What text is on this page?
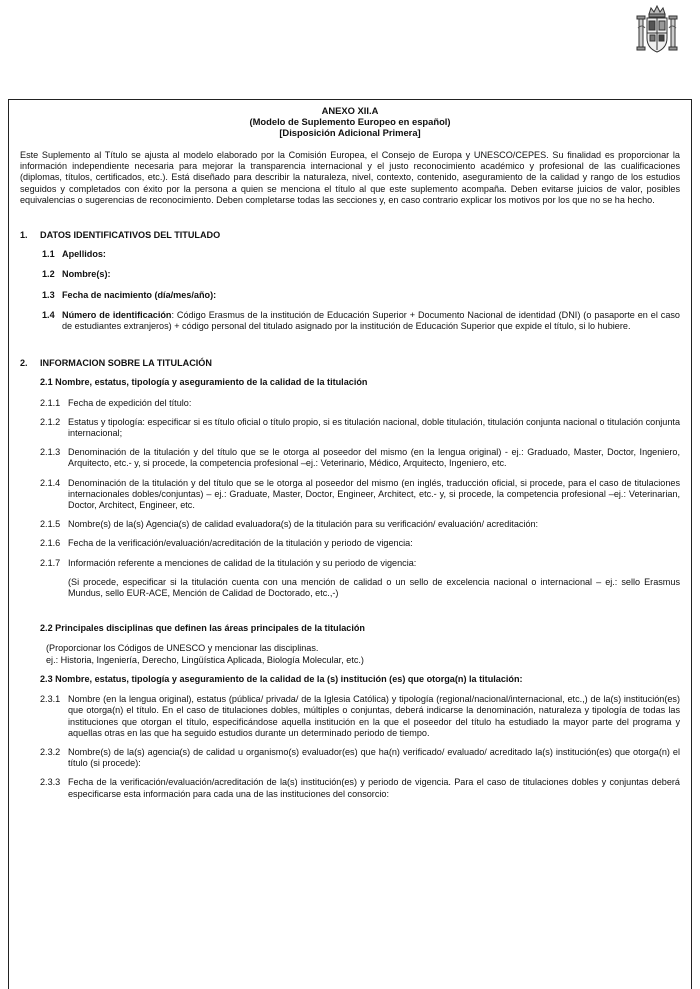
ANEXO XII.A
(Modelo de Suplemento Europeo en español)
[Disposición Adicional Primera]
Este Suplemento al Título se ajusta al modelo elaborado por la Comisión Europea, el Consejo de Europa y UNESCO/CEPES. Su finalidad es proporcionar la información independiente necesaria para mejorar la transparencia internacional y el justo reconocimiento académico y profesional de las cualificaciones (diplomas, títulos, certificados, etc.). Está diseñado para describir la naturaleza, nivel, contexto, contenido, aseguramiento de la calidad y rango de los estudios seguidos y completados con éxito por la persona a quien se menciona el título al que este suplemento acompaña. Deben evitarse juicios de valor, posibles equivalencias o sugerencias de reconocimiento. Deben completarse todas las secciones y, en caso contrario explicar los motivos por los que no se ha hecho.
1. DATOS IDENTIFICATIVOS DEL TITULADO
1.1 Apellidos:
1.2 Nombre(s):
1.3 Fecha de nacimiento (día/mes/año):
1.4 Número de identificación: Código Erasmus de la institución de Educación Superior + Documento Nacional de identidad (DNI) (o pasaporte en el caso de estudiantes extranjeros) + código personal del titulado asignado por la institución de Educación Superior que expide el título, si lo hubiere.
2. INFORMACION SOBRE LA TITULACIÓN
2.1 Nombre, estatus, tipología y aseguramiento de la calidad de la titulación
2.1.1 Fecha de expedición del título:
2.1.2 Estatus y tipología: especificar si es título oficial o título propio, si es titulación nacional, doble titulación, titulación conjunta nacional o titulación conjunta internacional;
2.1.3 Denominación de la titulación y del título que se le otorga al poseedor del mismo (en la lengua original) - ej.: Graduado, Master, Doctor, Ingeniero, Arquitecto, etc.- y, si procede, la competencia profesional –ej.: Veterinario, Médico, Arquitecto, Ingeniero, etc.
2.1.4 Denominación de la titulación y del título que se le otorga al poseedor del mismo (en inglés, traducción oficial, si procede, para el caso de titulaciones internacionales dobles/conjuntas) – ej.: Graduate, Master, Doctor, Engineer, Architect, etc.- y, si procede, la competencia profesional –ej.: Veterinarian, Doctor, Architect, Engineer, etc.
2.1.5 Nombre(s) de la(s) Agencia(s) de calidad evaluadora(s) de la titulación para su verificación/ evaluación/ acreditación:
2.1.6 Fecha de la verificación/evaluación/acreditación de la titulación y periodo de vigencia:
2.1.7 Información referente a menciones de calidad de la titulación y su periodo de vigencia:
(Si procede, especificar si la titulación cuenta con una mención de calidad o un sello de excelencia nacional o internacional – ej.: sello Erasmus Mundus, sello EUR-ACE, Mención de Calidad de Doctorado, etc.,-)
2.2 Principales disciplinas que definen las áreas principales de la titulación
(Proporcionar los Códigos de UNESCO y mencionar las disciplinas.
ej.: Historia, Ingeniería, Derecho, Lingüística Aplicada, Biología Molecular, etc.)
2.3 Nombre, estatus, tipología y aseguramiento de la calidad de la (s) institución (es) que otorga(n) la titulación:
2.3.1 Nombre (en la lengua original), estatus (pública/ privada/ de la Iglesia Católica) y tipología (regional/nacional/internacional, etc.,) de la(s) institución(es) que otorga(n) el título. En el caso de titulaciones dobles, múltiples o conjuntas, deberá indicarse la denominación, naturaleza y tipología de todas las instituciones que otorgan el título, especificándose aquella institución en la que el poseedor del título ha estudiado la mayor parte del programa y aquellas otras en las que ha seguido estudios durante un determinado periodo de tiempo.
2.3.2 Nombre(s) de la(s) agencia(s) de calidad u organismo(s) evaluador(es) que ha(n) verificado/ evaluado/ acreditado la(s) institución(es) que otorga(n) el título (si procede):
2.3.3 Fecha de la verificación/evaluación/acreditación de la(s) institución(es) y periodo de vigencia. Para el caso de titulaciones dobles y conjuntas deberá especificarse esta información para cada una de las instituciones del consorcio:
